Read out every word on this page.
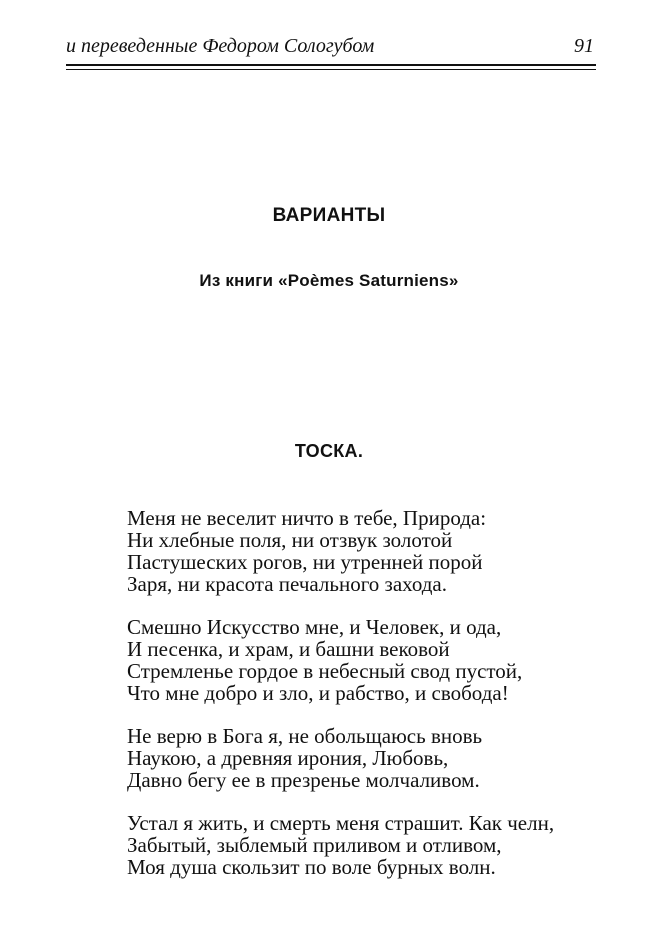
и переведенные Федором Сологубом	91
ВАРИАНТЫ
Из книги «Poèmes Saturniens»
ТОСКА.
Меня не веселит ничто в тебе, Природа:
Ни хлебные поля, ни отзвук золотой
Пастушеских рогов, ни утренней порой
Заря, ни красота печального захода.
Смешно Искусство мне, и Человек, и ода,
И песенка, и храм, и башни вековой
Стремленье гордое в небесный свод пустой,
Что мне добро и зло, и рабство, и свобода!
Не верю в Бога я, не обольщаюсь вновь
Наукою, а древняя ирония, Любовь,
Давно бегу ее в презренье молчаливом.
Устал я жить, и смерть меня страшит. Как челн,
Забытый, зыблемый приливом и отливом,
Моя душа скользит по воле бурных волн.
